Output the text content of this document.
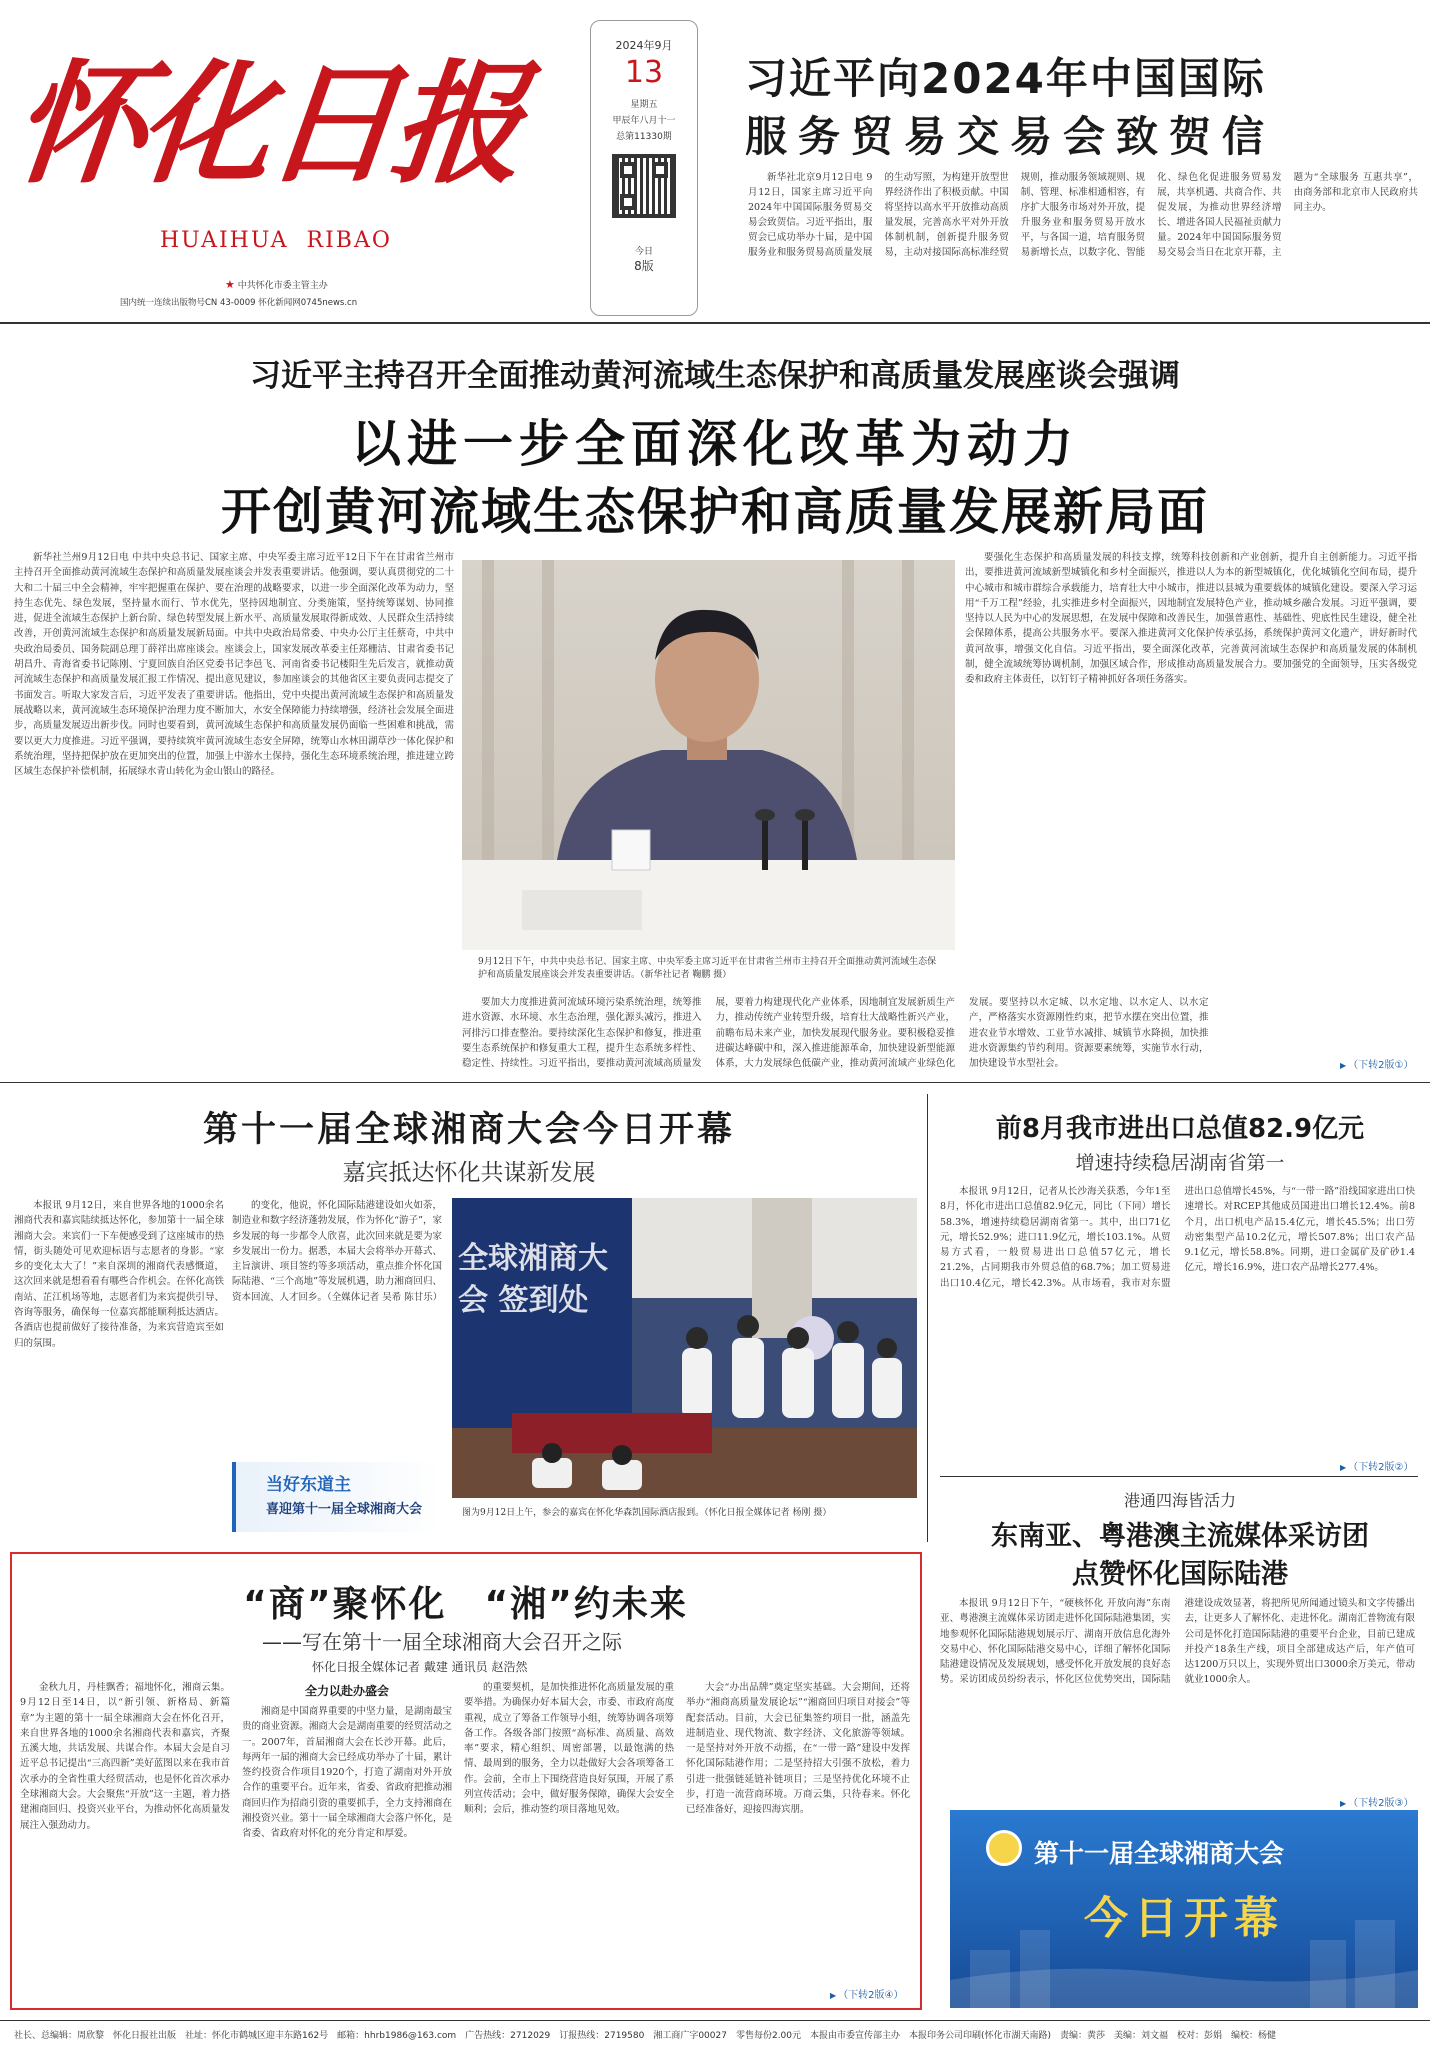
怀化日报
HUAIHUA  RIBAO
★ 中共怀化市委主管主办
国内统一连续出版物号CN 43-0009 怀化新闻网0745news.cn
2024年9月
13
星期五
甲辰年八月十一
总第11330期
今日
8版
习近平向2024年中国国际
服务贸易交易会致贺信
新华社北京9月12日电 9月12日，国家主席习近平向2024年中国国际服务贸易交易会致贺信。习近平指出，服贸会已成功举办十届，是中国服务业和服务贸易高质量发展的生动写照，为构建开放型世界经济作出了积极贡献。中国将坚持以高水平开放推动高质量发展，完善高水平对外开放体制机制，创新提升服务贸易，主动对接国际高标准经贸规则，推动服务领域规则、规制、管理、标准相通相容，有序扩大服务市场对外开放，提升服务业和服务贸易开放水平，与各国一道，培育服务贸易新增长点，以数字化、智能化、绿色化促进服务贸易发展，共享机遇、共商合作、共促发展，为推动世界经济增长、增进各国人民福祉贡献力量。2024年中国国际服务贸易交易会当日在北京开幕，主题为“全球服务 互惠共享”，由商务部和北京市人民政府共同主办。
习近平主持召开全面推动黄河流域生态保护和高质量发展座谈会强调
以进一步全面深化改革为动力
开创黄河流域生态保护和高质量发展新局面
新华社兰州9月12日电 中共中央总书记、国家主席、中央军委主席习近平12日下午在甘肃省兰州市主持召开全面推动黄河流域生态保护和高质量发展座谈会并发表重要讲话。他强调，要认真贯彻党的二十大和二十届三中全会精神，牢牢把握重在保护、要在治理的战略要求，以进一步全面深化改革为动力，坚持生态优先、绿色发展，坚持量水而行、节水优先，坚持因地制宜、分类施策，坚持统筹谋划、协同推进，促进全流域生态保护上新台阶、绿色转型发展上新水平、高质量发展取得新成效、人民群众生活持续改善，开创黄河流域生态保护和高质量发展新局面。中共中央政治局常委、中央办公厅主任蔡奇，中共中央政治局委员、国务院副总理丁薛祥出席座谈会。座谈会上，国家发展改革委主任郑栅洁、甘肃省委书记胡昌升、青海省委书记陈刚、宁夏回族自治区党委书记李邑飞、河南省委书记楼阳生先后发言，就推动黄河流域生态保护和高质量发展汇报工作情况、提出意见建议，参加座谈会的其他省区主要负责同志提交了书面发言。听取大家发言后，习近平发表了重要讲话。他指出，党中央提出黄河流域生态保护和高质量发展战略以来，黄河流域生态环境保护治理力度不断加大，水安全保障能力持续增强，经济社会发展全面进步，高质量发展迈出新步伐。同时也要看到，黄河流域生态保护和高质量发展仍面临一些困难和挑战，需要以更大力度推进。习近平强调，要持续筑牢黄河流域生态安全屏障，统筹山水林田湖草沙一体化保护和系统治理，坚持把保护放在更加突出的位置，加强上中游水土保持，强化生态环境系统治理，推进建立跨区域生态保护补偿机制，拓展绿水青山转化为金山银山的路径。
9月12日下午，中共中央总书记、国家主席、中央军委主席习近平在甘肃省兰州市主持召开全面推动黄河流域生态保护和高质量发展座谈会并发表重要讲话。（新华社记者 鞠鹏 摄）
要加大力度推进黄河流域环境污染系统治理，统筹推进水资源、水环境、水生态治理，强化源头减污，推进入河排污口排查整治。要持续深化生态保护和修复，推进重要生态系统保护和修复重大工程，提升生态系统多样性、稳定性、持续性。习近平指出，要推动黄河流域高质量发展，要着力构建现代化产业体系，因地制宜发展新质生产力，推动传统产业转型升级，培育壮大战略性新兴产业，前瞻布局未来产业，加快发展现代服务业。要积极稳妥推进碳达峰碳中和，深入推进能源革命，加快建设新型能源体系，大力发展绿色低碳产业，推动黄河流域产业绿色化发展。要坚持以水定城、以水定地、以水定人、以水定产，严格落实水资源刚性约束，把节水摆在突出位置，推进农业节水增效、工业节水减排、城镇节水降损，加快推进水资源集约节约利用。资源要素统筹，实施节水行动，加快建设节水型社会。
要强化生态保护和高质量发展的科技支撑，统筹科技创新和产业创新，提升自主创新能力。习近平指出，要推进黄河流域新型城镇化和乡村全面振兴，推进以人为本的新型城镇化，优化城镇化空间布局，提升中心城市和城市群综合承载能力，培育壮大中小城市，推进以县城为重要载体的城镇化建设。要深入学习运用“千万工程”经验，扎实推进乡村全面振兴，因地制宜发展特色产业，推动城乡融合发展。习近平强调，要坚持以人民为中心的发展思想，在发展中保障和改善民生，加强普惠性、基础性、兜底性民生建设，健全社会保障体系，提高公共服务水平。要深入推进黄河文化保护传承弘扬，系统保护黄河文化遗产，讲好新时代黄河故事，增强文化自信。习近平指出，要全面深化改革，完善黄河流域生态保护和高质量发展的体制机制，健全流域统筹协调机制，加强区域合作，形成推动高质量发展合力。要加强党的全面领导，压实各级党委和政府主体责任，以钉钉子精神抓好各项任务落实。
▶ （下转2版①）
第十一届全球湘商大会今日开幕
嘉宾抵达怀化共谋新发展
本报讯 9月12日，来自世界各地的1000余名湘商代表和嘉宾陆续抵达怀化，参加第十一届全球湘商大会。来宾们一下车便感受到了这座城市的热情，街头随处可见欢迎标语与志愿者的身影。“家乡的变化太大了！”来自深圳的湘商代表感慨道，这次回来就是想看看有哪些合作机会。在怀化高铁南站、芷江机场等地，志愿者们为来宾提供引导、咨询等服务，确保每一位嘉宾都能顺利抵达酒店。各酒店也提前做好了接待准备，为来宾营造宾至如归的氛围。
的变化，他说，怀化国际陆港建设如火如荼，制造业和数字经济蓬勃发展，作为怀化“游子”，家乡发展的每一步都令人欣喜，此次回来就是要为家乡发展出一份力。据悉，本届大会将举办开幕式、主旨演讲、项目签约等多项活动，重点推介怀化国际陆港、“三个高地”等发展机遇，助力湘商回归、资本回流、人才回乡。（全媒体记者 吴希 陈甘乐）
当好东道主
喜迎第十一届全球湘商大会
全球湘商大会 签到处
图为9月12日上午，参会的嘉宾在怀化华森凯国际酒店报到。（怀化日报全媒体记者 杨刚 摄）
前8月我市进出口总值82.9亿元
增速持续稳居湖南省第一
本报讯 9月12日，记者从长沙海关获悉，今年1至8月，怀化市进出口总值82.9亿元，同比（下同）增长58.3%，增速持续稳居湖南省第一。其中，出口71亿元，增长52.9%；进口11.9亿元，增长103.1%。从贸易方式看，一般贸易进出口总值57亿元，增长21.2%，占同期我市外贸总值的68.7%；加工贸易进出口10.4亿元，增长42.3%。从市场看，我市对东盟进出口总值增长45%，与“一带一路”沿线国家进出口快速增长。对RCEP其他成员国进出口增长12.4%。前8个月，出口机电产品15.4亿元，增长45.5%；出口劳动密集型产品10.2亿元，增长507.8%；出口农产品9.1亿元，增长58.8%。同期，进口金属矿及矿砂1.4亿元，增长16.9%，进口农产品增长277.4%。
▶ （下转2版②）
港通四海皆活力
东南亚、粤港澳主流媒体采访团
点赞怀化国际陆港
本报讯 9月12日下午，“硬核怀化 开放向海”东南亚、粤港澳主流媒体采访团走进怀化国际陆港集团，实地参观怀化国际陆港规划展示厅、湖南开放信息化海外交易中心、怀化国际陆港交易中心，详细了解怀化国际陆港建设情况及发展规划，感受怀化开放发展的良好态势。采访团成员纷纷表示，怀化区位优势突出，国际陆港建设成效显著，将把所见所闻通过镜头和文字传播出去，让更多人了解怀化、走进怀化。湖南汇普物流有限公司是怀化打造国际陆港的重要平台企业，目前已建成并投产18条生产线，项目全部建成达产后，年产值可达1200万只以上，实现外贸出口3000余万美元，带动就业1000余人。
▶ （下转2版③）
第十一届全球湘商大会
今日开幕
“商”聚怀化　“湘”约未来
——写在第十一届全球湘商大会召开之际
怀化日报全媒体记者 戴建 通讯员 赵浩然
金秋九月，丹桂飘香；福地怀化，湘商云集。9月12日至14日，以“新引领、新格局、新篇章”为主题的第十一届全球湘商大会在怀化召开，来自世界各地的1000余名湘商代表和嘉宾，齐聚五溪大地，共话发展、共谋合作。本届大会是自习近平总书记提出“三高四新”美好蓝图以来在我市首次承办的全省性重大经贸活动，也是怀化首次承办全球湘商大会。大会聚焦“开放”这一主题，着力搭建湘商回归、投资兴业平台，为推动怀化高质量发展注入强劲动力。
全力以赴办盛会
湘商是中国商界重要的中坚力量，是湖南最宝贵的商业资源。湘商大会是湖南重要的经贸活动之一。2007年，首届湘商大会在长沙开幕。此后，每两年一届的湘商大会已经成功举办了十届，累计签约投资合作项目1920个，打造了湖南对外开放合作的重要平台。近年来，省委、省政府把推动湘商回归作为招商引资的重要抓手，全力支持湘商在湘投资兴业。第十一届全球湘商大会落户怀化，是省委、省政府对怀化的充分肯定和厚爱。
的重要契机，是加快推进怀化高质量发展的重要举措。为确保办好本届大会，市委、市政府高度重视，成立了筹备工作领导小组，统筹协调各项筹备工作。各级各部门按照“高标准、高质量、高效率”要求，精心组织、周密部署，以最饱满的热情、最周到的服务，全力以赴做好大会各项筹备工作。会前，全市上下围绕营造良好氛围，开展了系列宣传活动；会中，做好服务保障，确保大会安全顺利；会后，推动签约项目落地见效。
大会“办出品牌”奠定坚实基础。大会期间，还将举办“湘商高质量发展论坛”“湘商回归项目对接会”等配套活动。目前，大会已征集签约项目一批，涵盖先进制造业、现代物流、数字经济、文化旅游等领域。一是坚持对外开放不动摇，在“一带一路”建设中发挥怀化国际陆港作用；二是坚持招大引强不放松，着力引进一批强链延链补链项目；三是坚持优化环境不止步，打造一流营商环境。万商云集，只待春来。怀化已经准备好，迎接四海宾朋。
▶ （下转2版④）
社长、总编辑：周欣黎　怀化日报社出版　社址：怀化市鹤城区迎丰东路162号　邮箱：hhrb1986@163.com　广告热线：2712029　订报热线：2719580　湘工商广字00027　零售每份2.00元　本报由市委宣传部主办　本报印务公司印刷(怀化市湖天南路)　责编：黄莎　美编：刘文福　校对：彭娟　编校：杨健
